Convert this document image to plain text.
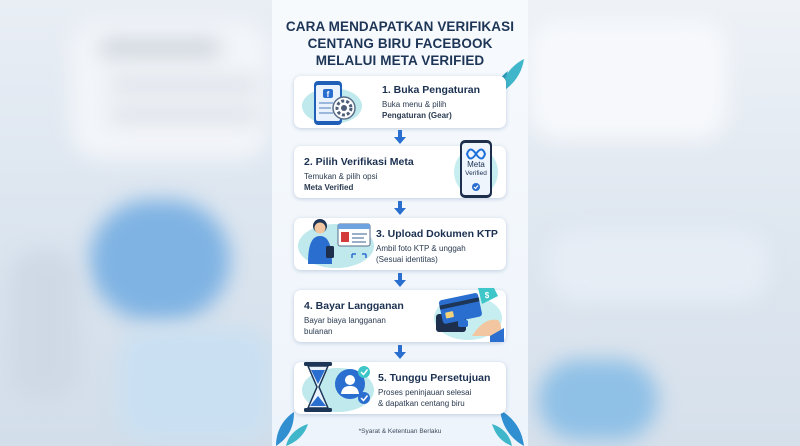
CARA MENDAPATKAN VERIFIKASI
CENTANG BIRU FACEBOOK
MELALUI META VERIFIED
f	1. Buka Pengaturan
Buka menu & pilih
Pengaturan (Gear)
2. Pilih Verifikasi Meta
Temukan & pilih opsi
Meta Verified
Meta
Verified
3. Upload Dokumen KTP
Ambil foto KTP & unggah
(Sesuai identitas)
4. Bayar Langganan
Bayar biaya langganan
bulanan
$
5. Tunggu Persetujuan
Proses peninjauan selesai
& dapatkan centang biru
*Syarat & Ketentuan Berlaku
